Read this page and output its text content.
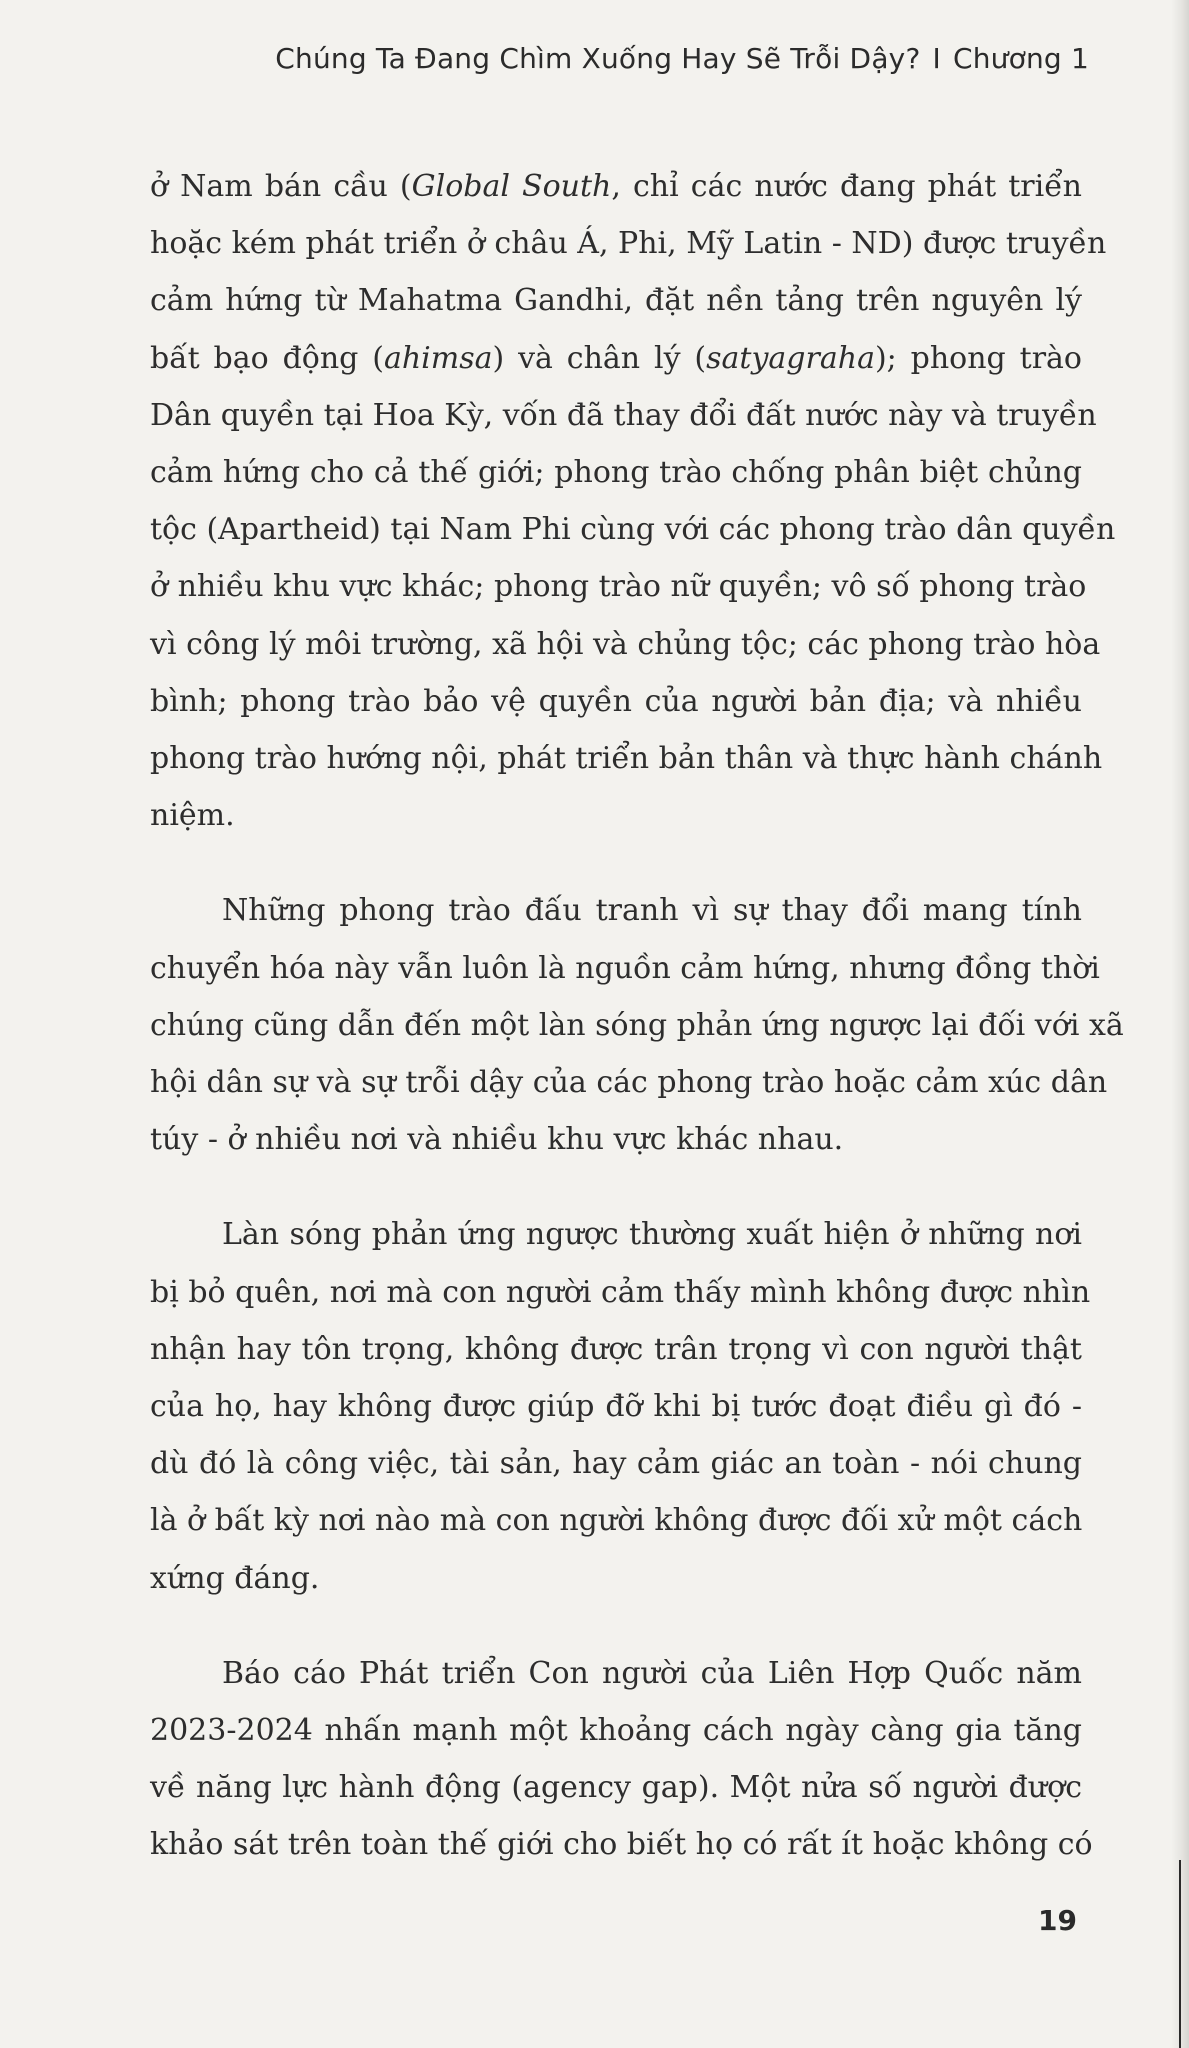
Chúng Ta Đang Chìm Xuống Hay Sẽ Trỗi Dậy? I Chương 1
ở Nam bán cầu (Global South, chỉ các nước đang phát triển
hoặc kém phát triển ở châu Á, Phi, Mỹ Latin - ND) được truyền
cảm hứng từ Mahatma Gandhi, đặt nền tảng trên nguyên lý
bất bạo động (ahimsa) và chân lý (satyagraha); phong trào
Dân quyền tại Hoa Kỳ, vốn đã thay đổi đất nước này và truyền
cảm hứng cho cả thế giới; phong trào chống phân biệt chủng
tộc (Apartheid) tại Nam Phi cùng với các phong trào dân quyền
ở nhiều khu vực khác; phong trào nữ quyền; vô số phong trào
vì công lý môi trường, xã hội và chủng tộc; các phong trào hòa
bình; phong trào bảo vệ quyền của người bản địa; và nhiều
phong trào hướng nội, phát triển bản thân và thực hành chánh
niệm.
Những phong trào đấu tranh vì sự thay đổi mang tính
chuyển hóa này vẫn luôn là nguồn cảm hứng, nhưng đồng thời
chúng cũng dẫn đến một làn sóng phản ứng ngược lại đối với xã
hội dân sự và sự trỗi dậy của các phong trào hoặc cảm xúc dân
túy - ở nhiều nơi và nhiều khu vực khác nhau.
Làn sóng phản ứng ngược thường xuất hiện ở những nơi
bị bỏ quên, nơi mà con người cảm thấy mình không được nhìn
nhận hay tôn trọng, không được trân trọng vì con người thật
của họ, hay không được giúp đỡ khi bị tước đoạt điều gì đó -
dù đó là công việc, tài sản, hay cảm giác an toàn - nói chung
là ở bất kỳ nơi nào mà con người không được đối xử một cách
xứng đáng.
Báo cáo Phát triển Con người của Liên Hợp Quốc năm
2023-2024 nhấn mạnh một khoảng cách ngày càng gia tăng
về năng lực hành động (agency gap). Một nửa số người được
khảo sát trên toàn thế giới cho biết họ có rất ít hoặc không có
19
